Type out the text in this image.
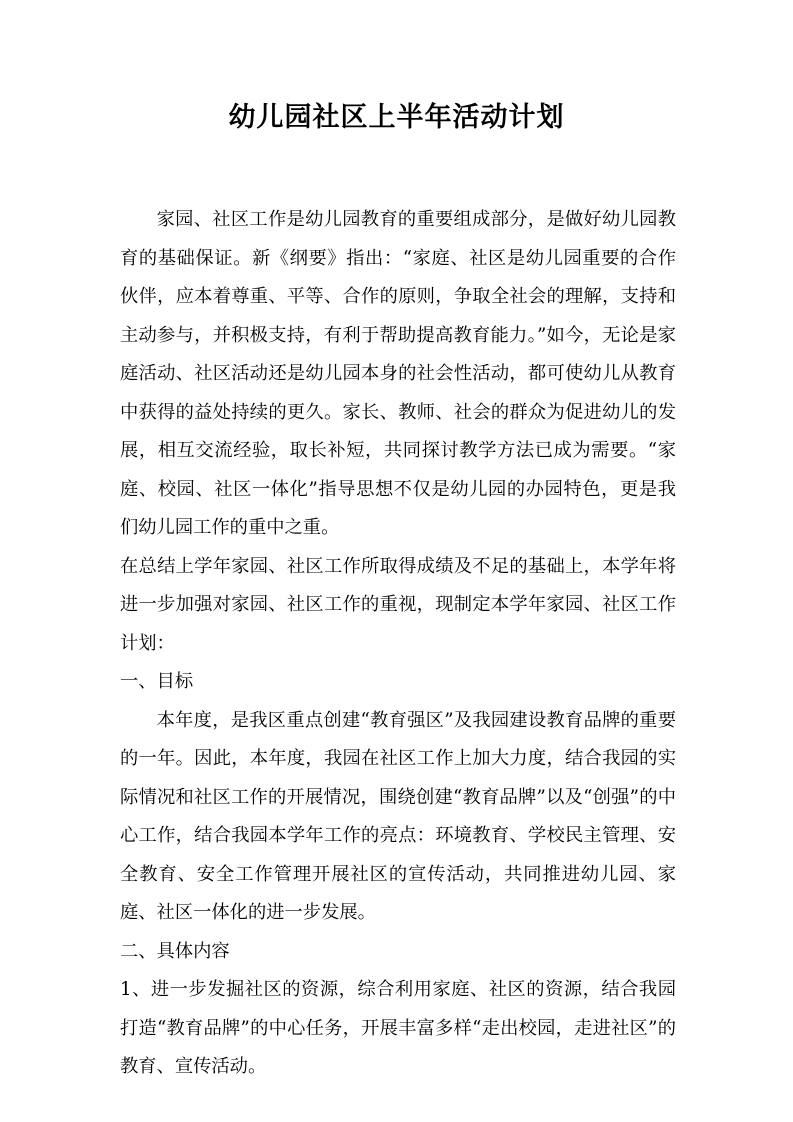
幼儿园社区上半年活动计划

家园、社区工作是幼儿园教育的重要组成部分，是做好幼儿园教育的基础保证。新《纲要》指出：“家庭、社区是幼儿园重要的合作伙伴，应本着尊重、平等、合作的原则，争取全社会的理解，支持和主动参与，并积极支持，有利于帮助提高教育能力。”如今，无论是家庭活动、社区活动还是幼儿园本身的社会性活动，都可使幼儿从教育中获得的益处持续的更久。家长、教师、社会的群众为促进幼儿的发展，相互交流经验，取长补短，共同探讨教学方法已成为需要。“家庭、校园、社区一体化”指导思想不仅是幼儿园的办园特色，更是我们幼儿园工作的重中之重。

在总结上学年家园、社区工作所取得成绩及不足的基础上，本学年将进一步加强对家园、社区工作的重视，现制定本学年家园、社区工作计划：

一、目标

本年度，是我区重点创建“教育强区”及我园建设教育品牌的重要的一年。因此，本年度，我园在社区工作上加大力度，结合我园的实际情况和社区工作的开展情况，围绕创建“教育品牌”以及“创强”的中心工作，结合我园本学年工作的亮点：环境教育、学校民主管理、安全教育、安全工作管理开展社区的宣传活动，共同推进幼儿园、家庭、社区一体化的进一步发展。

二、具体内容

1、进一步发掘社区的资源，综合利用家庭、社区的资源，结合我园打造“教育品牌”的中心任务，开展丰富多样“走出校园，走进社区”的教育、宣传活动。
